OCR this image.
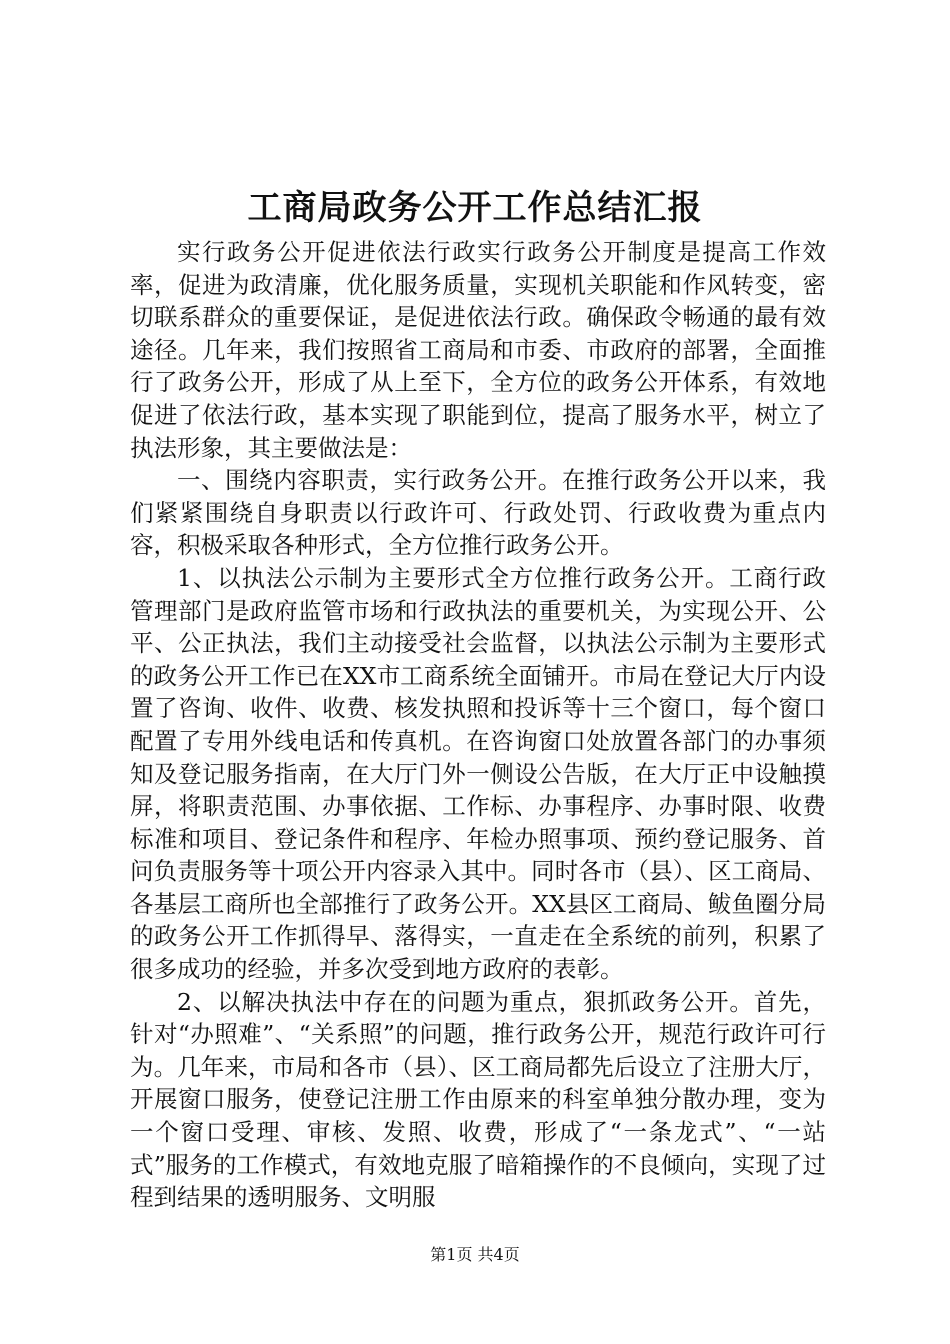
工商局政务公开工作总结汇报

实行政务公开促进依法行政实行政务公开制度是提高工作效率，促进为政清廉，优化服务质量，实现机关职能和作风转变，密切联系群众的重要保证，是促进依法行政。确保政令畅通的最有效途径。几年来，我们按照省工商局和市委、市政府的部署，全面推行了政务公开，形成了从上至下，全方位的政务公开体系，有效地促进了依法行政，基本实现了职能到位，提高了服务水平，树立了执法形象，其主要做法是：

一、围绕内容职责，实行政务公开。在推行政务公开以来，我们紧紧围绕自身职责以行政许可、行政处罚、行政收费为重点内容，积极采取各种形式，全方位推行政务公开。

1、以执法公示制为主要形式全方位推行政务公开。工商行政管理部门是政府监管市场和行政执法的重要机关，为实现公开、公平、公正执法，我们主动接受社会监督，以执法公示制为主要形式的政务公开工作已在XX市工商系统全面铺开。市局在登记大厅内设置了咨询、收件、收费、核发执照和投诉等十三个窗口，每个窗口配置了专用外线电话和传真机。在咨询窗口处放置各部门的办事须知及登记服务指南，在大厅门外一侧设公告版，在大厅正中设触摸屏，将职责范围、办事依据、工作标、办事程序、办事时限、收费标准和项目、登记条件和程序、年检办照事项、预约登记服务、首问负责服务等十项公开内容录入其中。同时各市（县）、区工商局、各基层工商所也全部推行了政务公开。XX县区工商局、鲅鱼圈分局的政务公开工作抓得早、落得实，一直走在全系统的前列，积累了很多成功的经验，并多次受到地方政府的表彰。

2、以解决执法中存在的问题为重点，狠抓政务公开。首先，针对“办照难”、“关系照”的问题，推行政务公开，规范行政许可行为。几年来，市局和各市（县）、区工商局都先后设立了注册大厅，开展窗口服务，使登记注册工作由原来的科室单独分散办理，变为一个窗口受理、审核、发照、收费，形成了“一条龙式”、“一站式”服务的工作模式，有效地克服了暗箱操作的不良倾向，实现了过程到结果的透明服务、文明服

第1页 共4页
